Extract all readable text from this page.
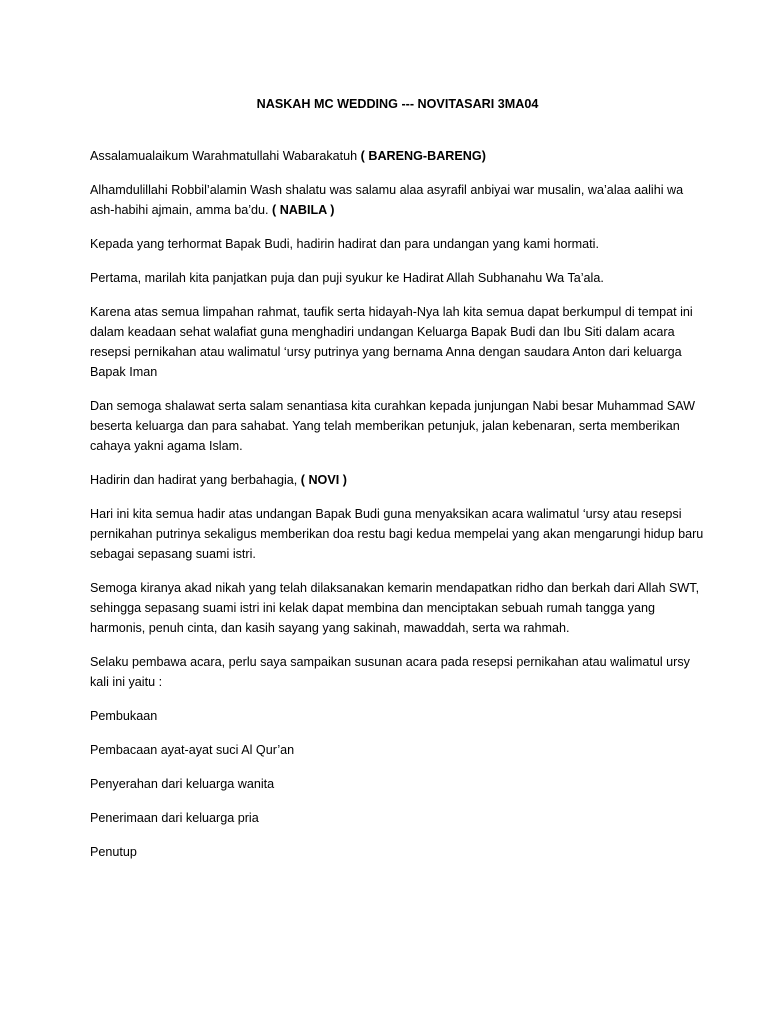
NASKAH MC WEDDING --- NOVITASARI 3MA04

Assalamualaikum Warahmatullahi Wabarakatuh ( BARENG-BARENG)

Alhamdulillahi Robbil’alamin Wash shalatu was salamu alaa asyrafil anbiyai war musalin, wa’alaa aalihi wa ash-habihi ajmain, amma ba’du. ( NABILA )

Kepada yang terhormat Bapak Budi, hadirin hadirat dan para undangan yang kami hormati.

Pertama, marilah kita panjatkan puja dan puji syukur ke Hadirat Allah Subhanahu Wa Ta’ala.

Karena atas semua limpahan rahmat, taufik serta hidayah-Nya lah kita semua dapat berkumpul di tempat ini dalam keadaan sehat walafiat guna menghadiri undangan Keluarga Bapak Budi dan Ibu Siti dalam acara resepsi pernikahan atau walimatul ‘ursy putrinya yang bernama Anna dengan saudara Anton dari keluarga Bapak Iman

Dan semoga shalawat serta salam senantiasa kita curahkan kepada junjungan Nabi besar Muhammad SAW beserta keluarga dan para sahabat. Yang telah memberikan petunjuk, jalan kebenaran, serta memberikan cahaya yakni agama Islam.

Hadirin dan hadirat yang berbahagia, ( NOVI )

Hari ini kita semua hadir atas undangan Bapak Budi guna menyaksikan acara walimatul ‘ursy atau resepsi pernikahan putrinya sekaligus memberikan doa restu bagi kedua mempelai yang akan mengarungi hidup baru sebagai sepasang suami istri.

Semoga kiranya akad nikah yang telah dilaksanakan kemarin mendapatkan ridho dan berkah dari Allah SWT, sehingga sepasang suami istri ini kelak dapat membina dan menciptakan sebuah rumah tangga yang harmonis, penuh cinta, dan kasih sayang yang sakinah, mawaddah, serta wa rahmah.

Selaku pembawa acara, perlu saya sampaikan susunan acara pada resepsi pernikahan atau walimatul ursy kali ini yaitu :

Pembukaan

Pembacaan ayat-ayat suci Al Qur’an

Penyerahan dari keluarga wanita

Penerimaan dari keluarga pria

Penutup
